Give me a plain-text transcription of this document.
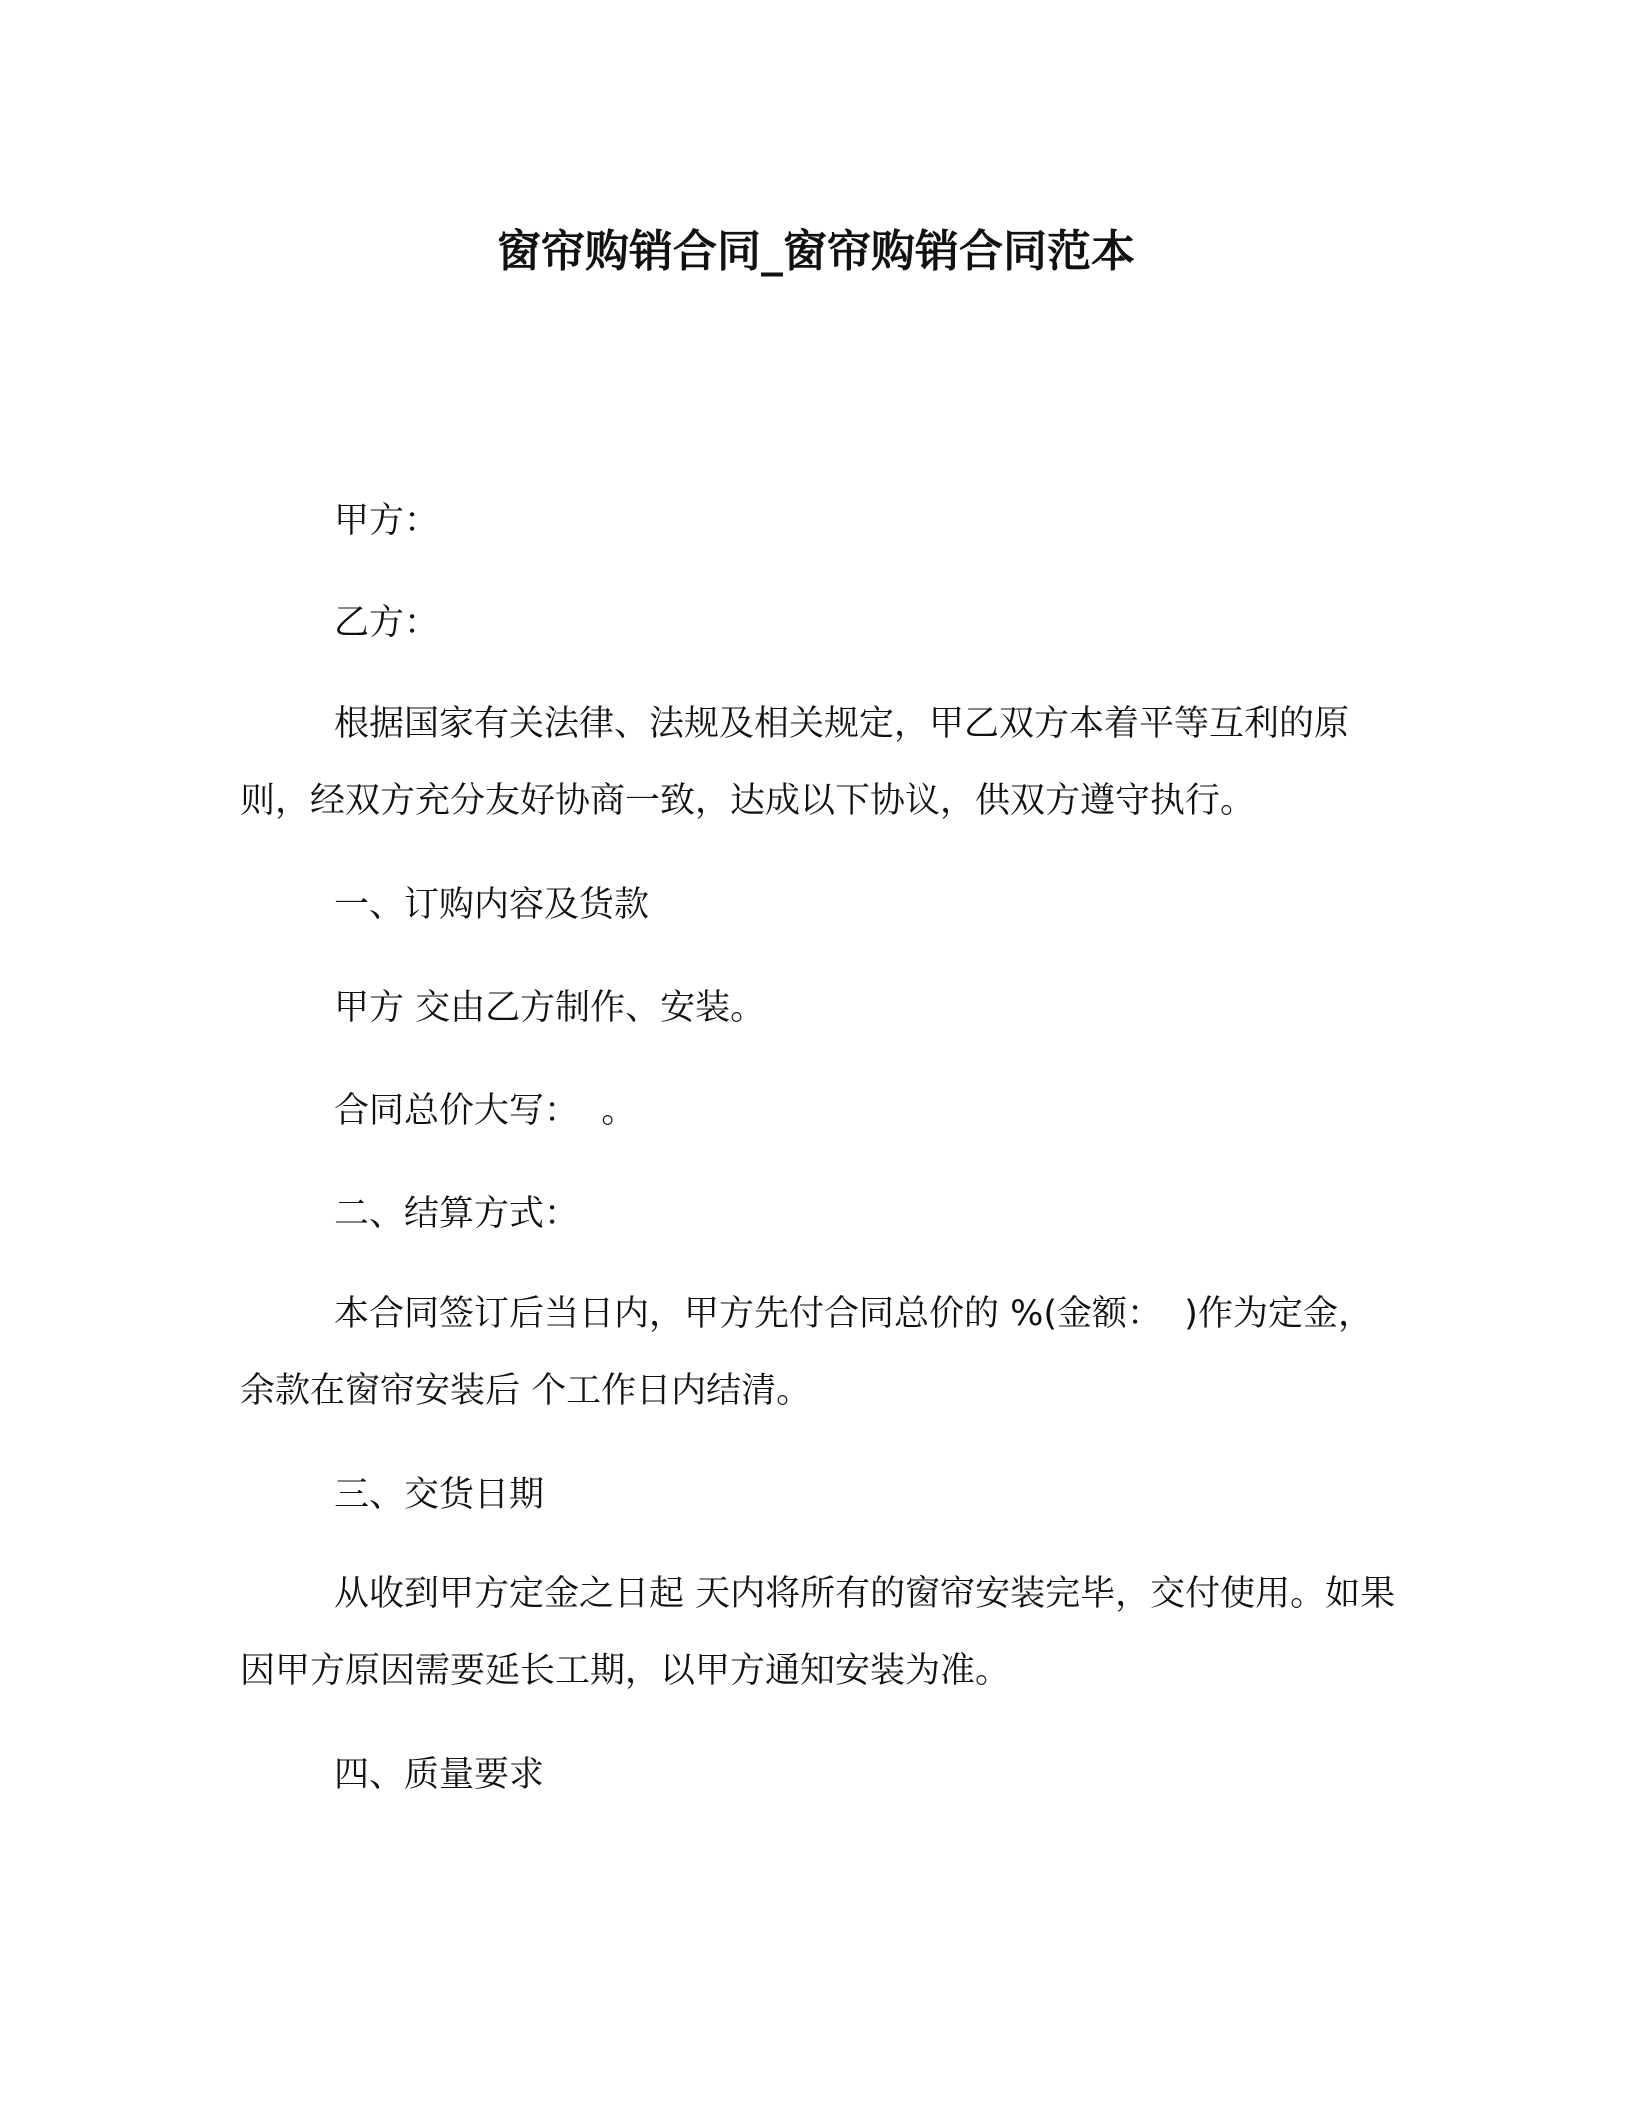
窗帘购销合同_窗帘购销合同范本

甲方：

乙方：

根据国家有关法律、法规及相关规定，甲乙双方本着平等互利的原则，经双方充分友好协商一致，达成以下协议，供双方遵守执行。

一、订购内容及货款

甲方 交由乙方制作、安装。

合同总价大写：  。

二、结算方式：

本合同签订后当日内，甲方先付合同总价的 %(金额：  )作为定金，余款在窗帘安装后 个工作日内结清。

三、交货日期

从收到甲方定金之日起 天内将所有的窗帘安装完毕，交付使用。如果因甲方原因需要延长工期，以甲方通知安装为准。

四、质量要求
